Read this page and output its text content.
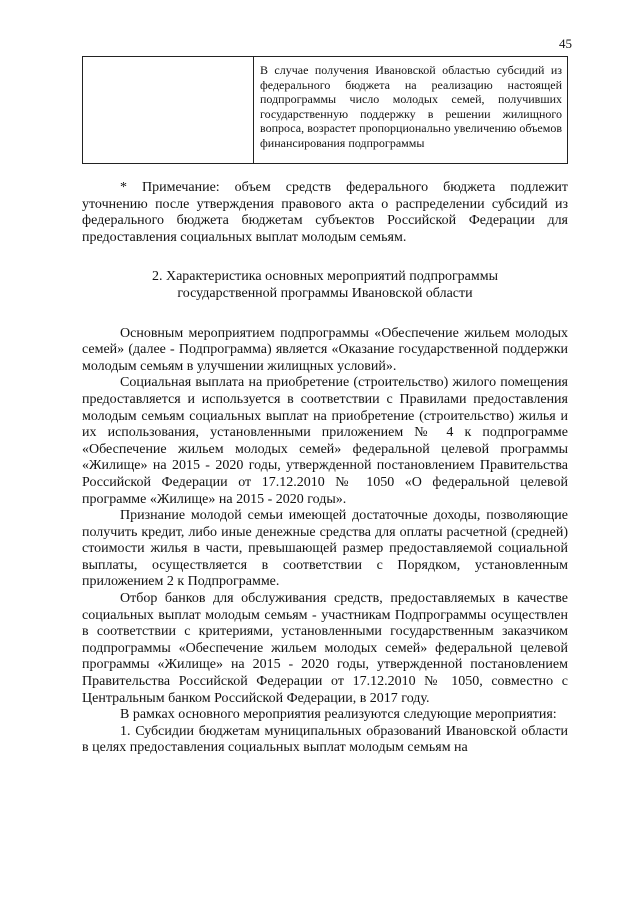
45
	В случае получения Ивановской областью субсидий из федерального бюджета на реализацию настоящей подпрограммы число молодых семей, получивших государственную поддержку в решении жилищного вопроса, возрастет пропорционально увеличению объемов финансирования подпрограммы

* Примечание: объем средств федерального бюджета подлежит уточнению после утверждения правового акта о распределении субсидий из федерального бюджета бюджетам субъектов Российской Федерации для предоставления социальных выплат молодым семьям.

2. Характеристика основных мероприятий подпрограммы
государственной программы Ивановской области

Основным мероприятием подпрограммы «Обеспечение жильем молодых семей» (далее - Подпрограмма) является «Оказание государственной поддержки молодым семьям в улучшении жилищных условий».

Социальная выплата на приобретение (строительство) жилого помещения предоставляется и используется в соответствии с Правилами предоставления молодым семьям социальных выплат на приобретение (строительство) жилья и их использования, установленными приложением № 4 к подпрограмме «Обеспечение жильем молодых семей» федеральной целевой программы «Жилище» на 2015 - 2020 годы, утвержденной постановлением Правительства Российской Федерации от 17.12.2010 № 1050 «О федеральной целевой программе «Жилище» на 2015 - 2020 годы».

Признание молодой семьи имеющей достаточные доходы, позволяющие получить кредит, либо иные денежные средства для оплаты расчетной (средней) стоимости жилья в части, превышающей размер предоставляемой социальной выплаты, осуществляется в соответствии с Порядком, установленным приложением 2 к Подпрограмме.

Отбор банков для обслуживания средств, предоставляемых в качестве социальных выплат молодым семьям - участникам Подпрограммы осуществлен в соответствии с критериями, установленными государственным заказчиком подпрограммы «Обеспечение жильем молодых семей» федеральной целевой программы «Жилище» на 2015 - 2020 годы, утвержденной постановлением Правительства Российской Федерации от 17.12.2010 № 1050, совместно с Центральным банком Российской Федерации, в 2017 году.

В рамках основного мероприятия реализуются следующие мероприятия:

1. Субсидии бюджетам муниципальных образований Ивановской области в целях предоставления социальных выплат молодым семьям на
